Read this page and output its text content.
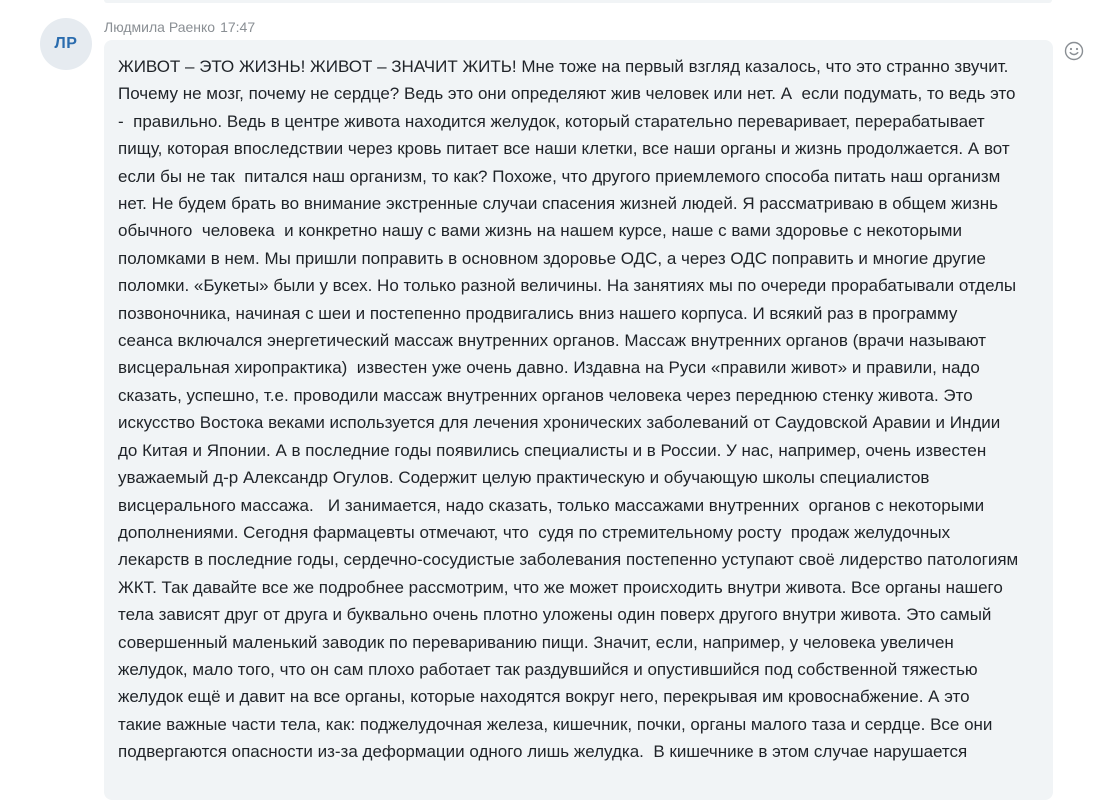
ЛР
Людмила Раенко 17:47

ЖИВОТ – ЭТО ЖИЗНЬ! ЖИВОТ – ЗНАЧИТ ЖИТЬ! Мне тоже на первый взгляд казалось, что это странно звучит.
Почему не мозг, почему не сердце? Ведь это они определяют жив человек или нет. А  если подумать, то ведь это
-  правильно. Ведь в центре живота находится желудок, который старательно переваривает, перерабатывает
пищу, которая впоследствии через кровь питает все наши клетки, все наши органы и жизнь продолжается. А вот
если бы не так  питался наш организм, то как? Похоже, что другого приемлемого способа питать наш организм
нет. Не будем брать во внимание экстренные случаи спасения жизней людей. Я рассматриваю в общем жизнь
обычного  человека  и конкретно нашу с вами жизнь на нашем курсе, наше с вами здоровье с некоторыми
поломками в нем. Мы пришли поправить в основном здоровье ОДС, а через ОДС поправить и многие другие
поломки. «Букеты» были у всех. Но только разной величины. На занятиях мы по очереди прорабатывали отделы
позвоночника, начиная с шеи и постепенно продвигались вниз нашего корпуса. И всякий раз в программу
сеанса включался энергетический массаж внутренних органов. Массаж внутренних органов (врачи называют
висцеральная хиропрактика)  известен уже очень давно. Издавна на Руси «правили живот» и правили, надо
сказать, успешно, т.е. проводили массаж внутренних органов человека через переднюю стенку живота. Это
искусство Востока веками используется для лечения хронических заболеваний от Саудовской Аравии и Индии
до Китая и Японии. А в последние годы появились специалисты и в России. У нас, например, очень известен
уважаемый д-р Александр Огулов. Содержит целую практическую и обучающую школы специалистов
висцерального массажа.   И занимается, надо сказать, только массажами внутренних  органов с некоторыми
дополнениями. Сегодня фармацевты отмечают, что  судя по стремительному росту  продаж желудочных
лекарств в последние годы, сердечно-сосудистые заболевания постепенно уступают своё лидерство патологиям
ЖКТ. Так давайте все же подробнее рассмотрим, что же может происходить внутри живота. Все органы нашего
тела зависят друг от друга и буквально очень плотно уложены один поверх другого внутри живота. Это самый
совершенный маленький заводик по перевариванию пищи. Значит, если, например, у человека увеличен
желудок, мало того, что он сам плохо работает так раздувшийся и опустившийся под собственной тяжестью
желудок ещё и давит на все органы, которые находятся вокруг него, перекрывая им кровоснабжение. А это
такие важные части тела, как: поджелудочная железа, кишечник, почки, органы малого таза и сердце. Все они
подвергаются опасности из-за деформации одного лишь желудка.  В кишечнике в этом случае нарушается
